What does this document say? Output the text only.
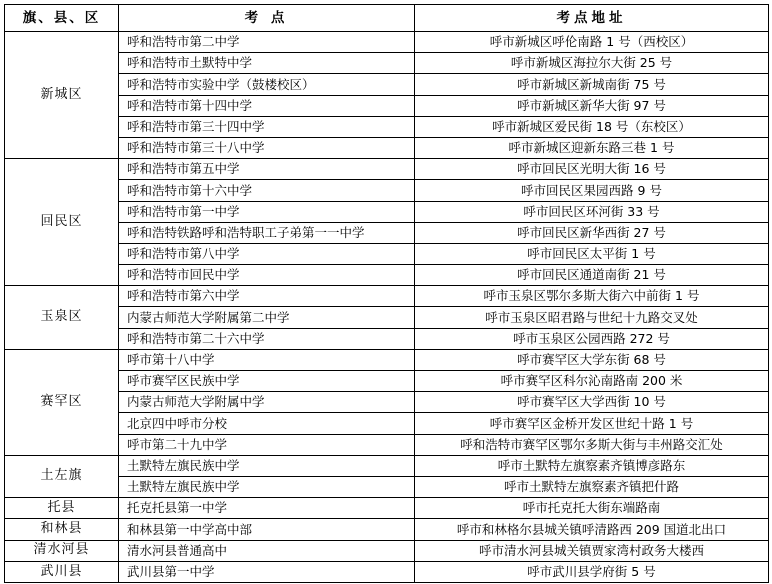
旗、县、区	考 点	考点地址
新城区	呼和浩特市第二中学	呼市新城区呼伦南路 1 号（西校区）
	呼和浩特市土默特中学	呼市新城区海拉尔大街 25 号
	呼和浩特市实验中学（鼓楼校区）	呼市新城区新城南街 75 号
	呼和浩特市第十四中学	呼市新城区新华大街 97 号
	呼和浩特市第三十四中学	呼市新城区爱民街 18 号（东校区）
	呼和浩特市第三十八中学	呼市新城区迎新东路三巷 1 号
回民区	呼和浩特市第五中学	呼市回民区光明大街 16 号
	呼和浩特市第十六中学	呼市回民区果园西路 9 号
	呼和浩特市第一中学	呼市回民区环河街 33 号
	呼和浩特铁路呼和浩特职工子弟第一一中学	呼市回民区新华西街 27 号
	呼和浩特市第八中学	呼市回民区太平街 1 号
	呼和浩特市回民中学	呼市回民区通道南街 21 号
玉泉区	呼和浩特市第六中学	呼市玉泉区鄂尔多斯大街六中前街 1 号
	内蒙古师范大学附属第二中学	呼市玉泉区昭君路与世纪十九路交叉处
	呼和浩特市第二十六中学	呼市玉泉区公园西路 272 号
赛罕区	呼市第十八中学	呼市赛罕区大学东街 68 号
	呼市赛罕区民族中学	呼市赛罕区科尔沁南路南 200 米
	内蒙古师范大学附属中学	呼市赛罕区大学西街 10 号
	北京四中呼市分校	呼市赛罕区金桥开发区世纪十路 1 号
	呼市第二十九中学	呼和浩特市赛罕区鄂尔多斯大街与丰州路交汇处
土左旗	土默特左旗民族中学	呼市土默特左旗察素齐镇博彦路东
	土默特左旗民族中学	呼市土默特左旗察素齐镇把什路
托县	托克托县第一中学	呼市托克托大街东端路南
和林县	和林县第一中学高中部	呼市和林格尔县城关镇呼清路西 209 国道北出口
清水河县	清水河县普通高中	呼市清水河县城关镇贾家湾村政务大楼西
武川县	武川县第一中学	呼市武川县学府街 5 号
